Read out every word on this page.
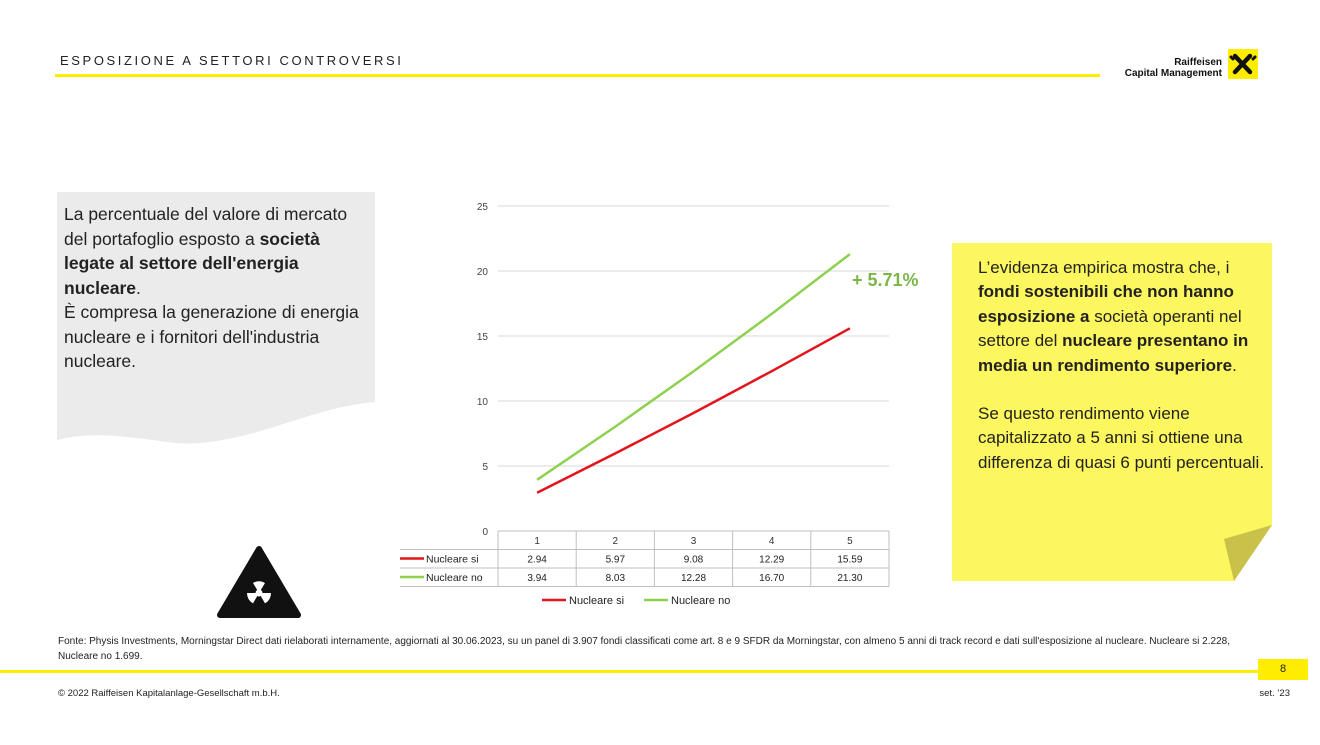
ESPOSIZIONE A SETTORI CONTROVERSI	Raiffeisen
Capital Management
La percentuale del valore di mercato del portafoglio esposto a società legate al settore dell'energia nucleare.
È compresa la generazione di energia nucleare e i fornitori dell'industria nucleare.
0
5
10
15
20
25
1	2	3	4	5
Nucleare si	2.94	5.97	9.08	12.29	15.59
Nucleare no	3.94	8.03	12.28	16.70	21.30
Nucleare si	Nucleare no
+ 5.71%

L’evidenza empirica mostra che, i fondi sostenibili che non hanno esposizione a società operanti nel settore del nucleare presentano in media un rendimento superiore.

Se questo rendimento viene capitalizzato a 5 anni si ottiene una differenza di quasi 6 punti percentuali.

Fonte: Physis Investments, Morningstar Direct dati rielaborati internamente, aggiornati al 30.06.2023, su un panel di 3.907 fondi classificati come art. 8 e 9 SFDR da Morningstar, con almeno 5 anni di track record e dati sull'esposizione al nucleare. Nucleare si 2.228, Nucleare no 1.699.
8
© 2022 Raiffeisen Kapitalanlage-Gesellschaft m.b.H.	set. ’23
